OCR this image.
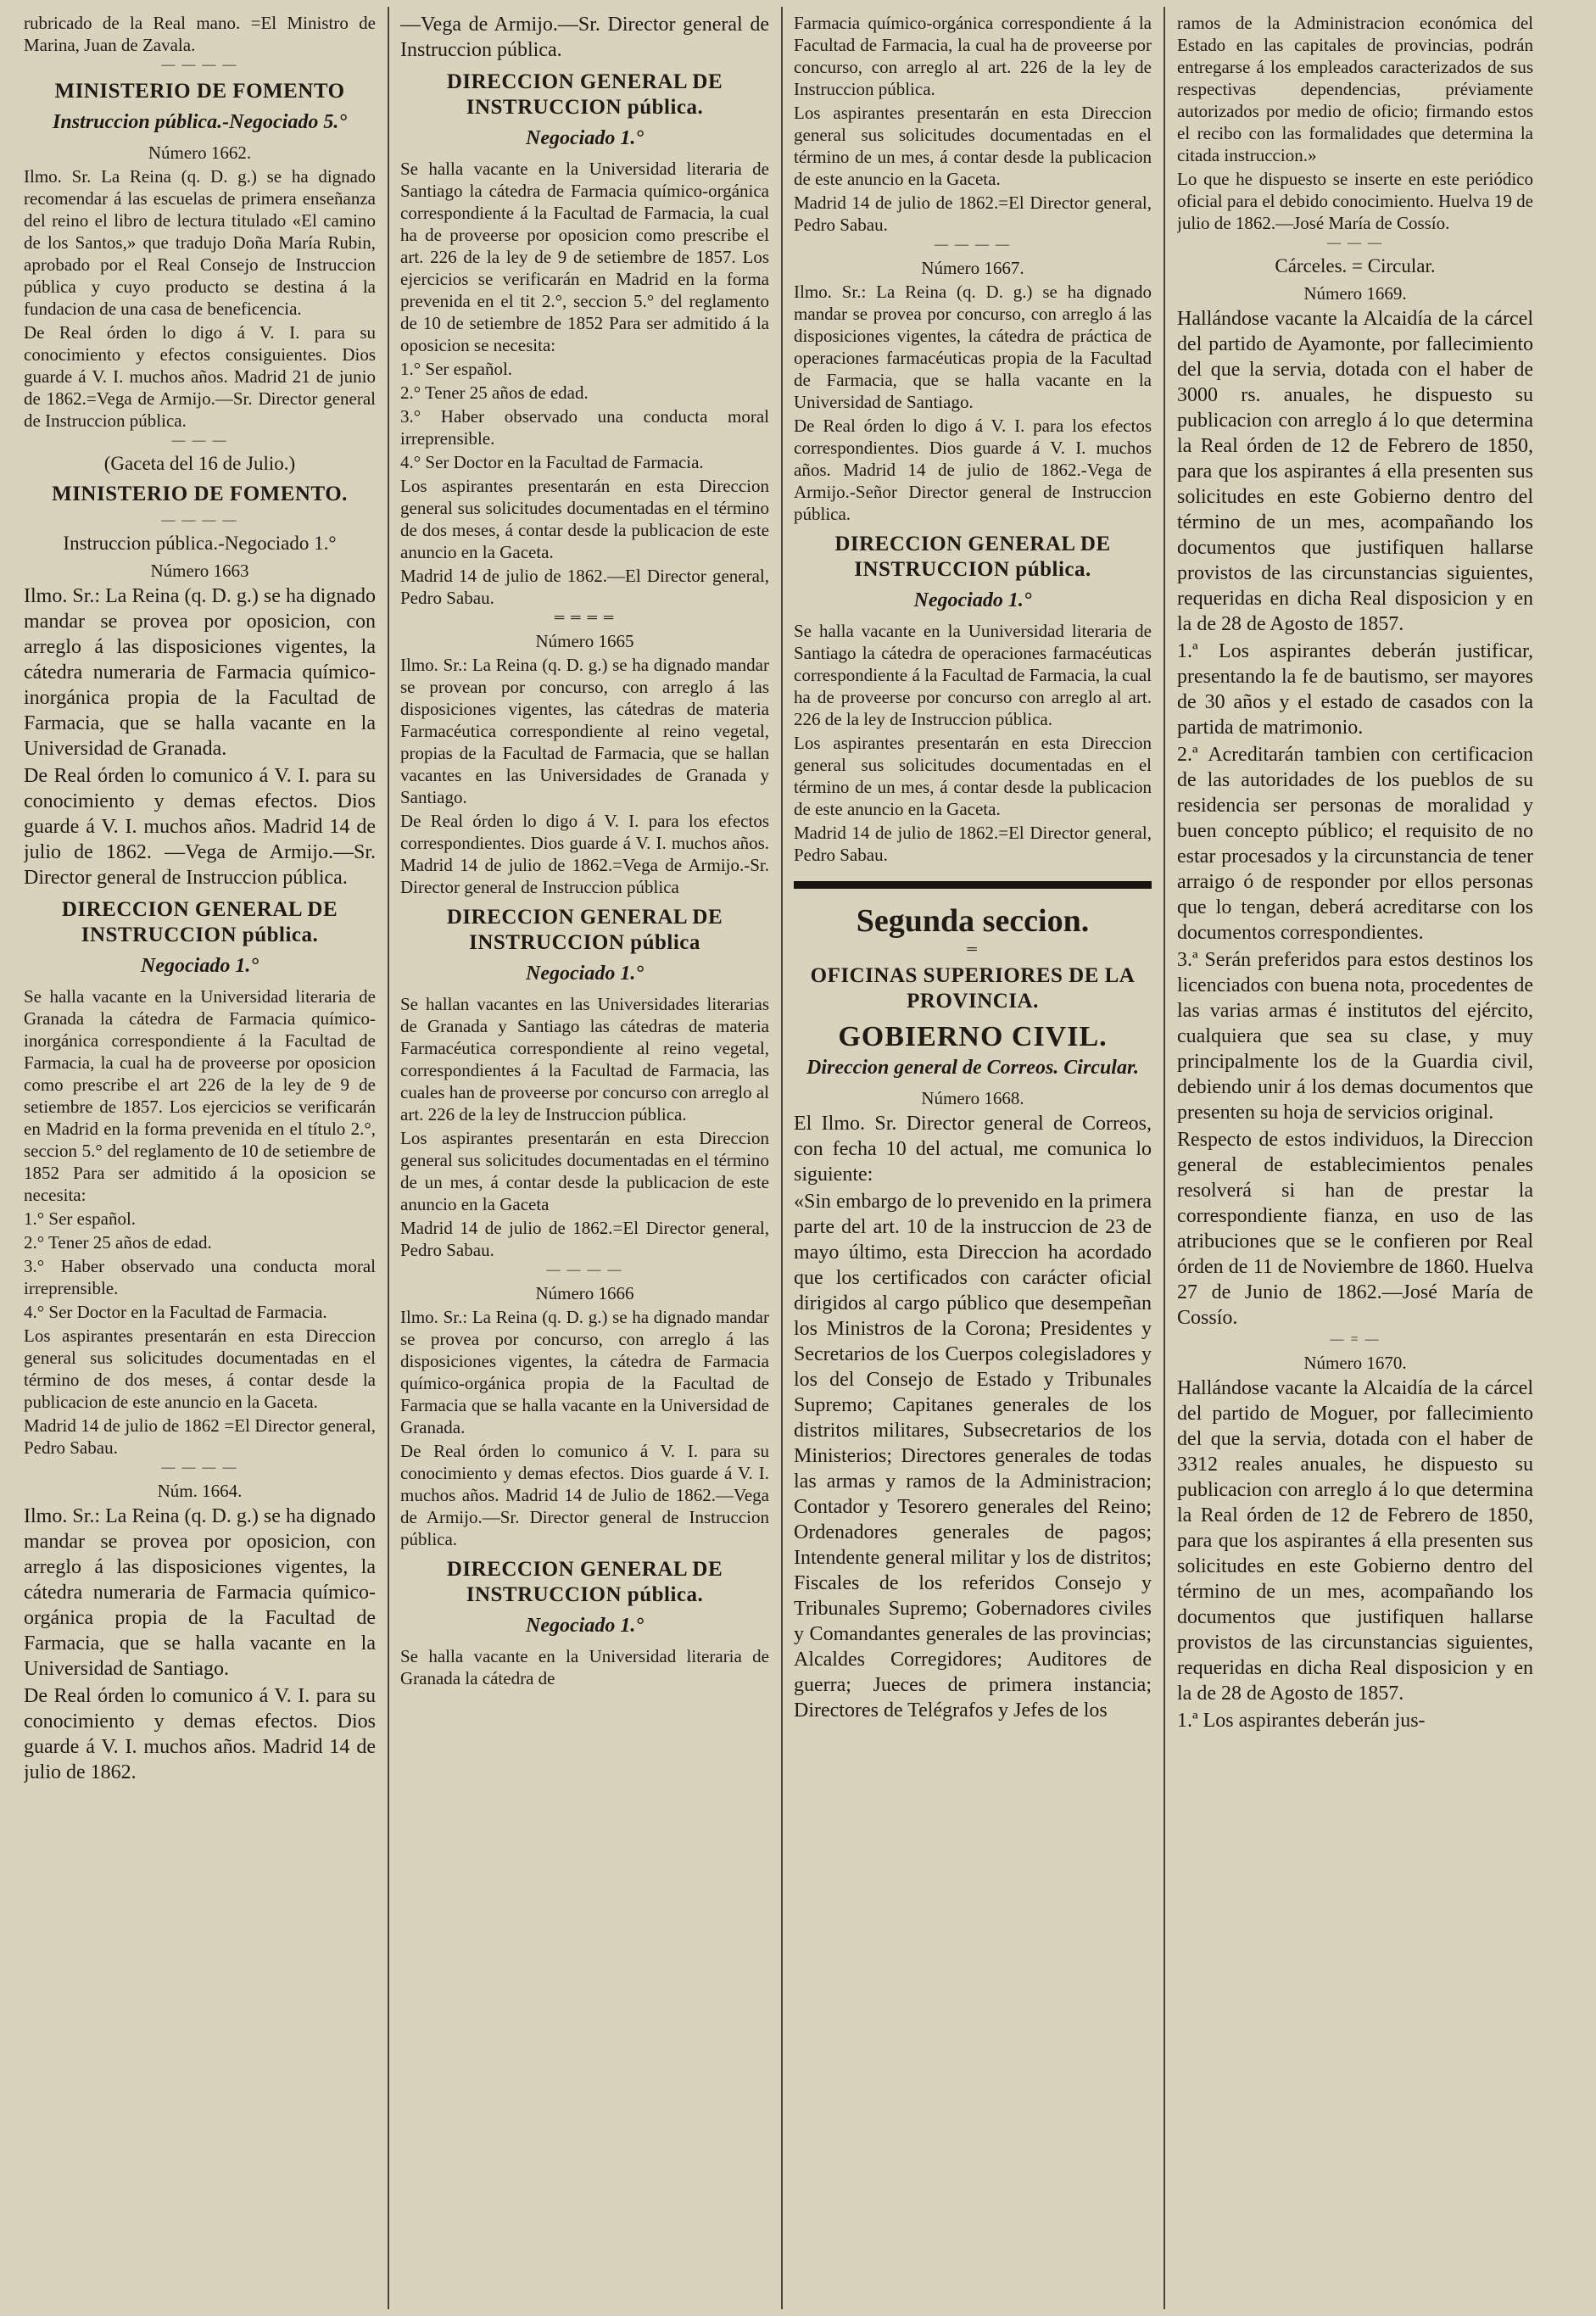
rubricado de la Real mano. =El Ministro de Marina, Juan de Zavala.

— — — —
MINISTERIO DE FOMENTO
Instruccion pública.-Negociado 5.°
Número 1662.

Ilmo. Sr. La Reina (q. D. g.) se ha dignado recomendar á las escuelas de primera enseñanza del reino el libro de lectura titulado «El camino de los Santos,» que tradujo Doña María Rubin, aprobado por el Real Consejo de Instruccion pública y cuyo producto se destina á la fundacion de una casa de beneficencia.

De Real órden lo digo á V. I. para su conocimiento y efectos consiguientes. Dios guarde á V. I. muchos años. Madrid 21 de junio de 1862.=Vega de Armijo.—Sr. Director general de Instruccion pública.

— — —
(Gaceta del 16 de Julio.)
MINISTERIO DE FOMENTO.
— — — —
Instruccion pública.-Negociado 1.°
Número 1663

Ilmo. Sr.: La Reina (q. D. g.) se ha dignado mandar se provea por oposicion, con arreglo á las disposiciones vigentes, la cátedra numeraria de Farmacia químico-inorgánica propia de la Facultad de Farmacia, que se halla vacante en la Universidad de Granada.

De Real órden lo comunico á V. I. para su conocimiento y demas efectos. Dios guarde á V. I. muchos años. Madrid 14 de julio de 1862. —Vega de Armijo.—Sr. Director general de Instruccion pública.

DIRECCION GENERAL DE INSTRUCCION pública.
Negociado 1.°

Se halla vacante en la Universidad literaria de Granada la cátedra de Farmacia químico-inorgánica correspondiente á la Facultad de Farmacia, la cual ha de proveerse por oposicion como prescribe el art 226 de la ley de 9 de setiembre de 1857. Los ejercicios se verificarán en Madrid en la forma prevenida en el título 2.°, seccion 5.° del reglamento de 10 de setiembre de 1852 Para ser admitido á la oposicion se necesita:

1.° Ser español.

2.° Tener 25 años de edad.

3.° Haber observado una conducta moral irreprensible.

4.° Ser Doctor en la Facultad de Farmacia.

Los aspirantes presentarán en esta Direccion general sus solicitudes documentadas en el término de dos meses, á contar desde la publicacion de este anuncio en la Gaceta.

Madrid 14 de julio de 1862 =El Director general, Pedro Sabau.

— — — —
Núm. 1664.

Ilmo. Sr.: La Reina (q. D. g.) se ha dignado mandar se provea por oposicion, con arreglo á las disposiciones vigentes, la cátedra numeraria de Farmacia químico-orgánica propia de la Facultad de Farmacia, que se halla vacante en la Universidad de Santiago.

De Real órden lo comunico á V. I. para su conocimiento y demas efectos. Dios guarde á V. I. muchos años. Madrid 14 de julio de 1862.

—Vega de Armijo.—Sr. Director general de Instruccion pública.

DIRECCION GENERAL DE INSTRUCCION pública.
Negociado 1.°

Se halla vacante en la Universidad literaria de Santiago la cátedra de Farmacia químico-orgánica correspondiente á la Facultad de Farmacia, la cual ha de proveerse por oposicion como prescribe el art. 226 de la ley de 9 de setiembre de 1857. Los ejercicios se verificarán en Madrid en la forma prevenida en el tit 2.°, seccion 5.° del reglamento de 10 de setiembre de 1852 Para ser admitido á la oposicion se necesita:

1.° Ser español.

2.° Tener 25 años de edad.

3.° Haber observado una conducta moral irreprensible.

4.° Ser Doctor en la Facultad de Farmacia.

Los aspirantes presentarán en esta Direccion general sus solicitudes documentadas en el término de dos meses, á contar desde la publicacion de este anuncio en la Gaceta.

Madrid 14 de julio de 1862.—El Director general, Pedro Sabau.

═ ═ ═ ═
Número 1665

Ilmo. Sr.: La Reina (q. D. g.) se ha dignado mandar se provean por concurso, con arreglo á las disposiciones vigentes, las cátedras de materia Farmacéutica correspondiente al reino vegetal, propias de la Facultad de Farmacia, que se hallan vacantes en las Universidades de Granada y Santiago.

De Real órden lo digo á V. I. para los efectos correspondientes. Dios guarde á V. I. muchos años. Madrid 14 de julio de 1862.=Vega de Armijo.-Sr. Director general de Instruccion pública

DIRECCION GENERAL DE INSTRUCCION pública
Negociado 1.°

Se hallan vacantes en las Universidades literarias de Granada y Santiago las cátedras de materia Farmacéutica correspondiente al reino vegetal, correspondientes á la Facultad de Farmacia, las cuales han de proveerse por concurso con arreglo al art. 226 de la ley de Instruccion pública.

Los aspirantes presentarán en esta Direccion general sus solicitudes documentadas en el término de un mes, á contar desde la publicacion de este anuncio en la Gaceta

Madrid 14 de julio de 1862.=El Director general, Pedro Sabau.

— — — —
Número 1666

Ilmo. Sr.: La Reina (q. D. g.) se ha dignado mandar se provea por concurso, con arreglo á las disposiciones vigentes, la cátedra de Farmacia químico-orgánica propia de la Facultad de Farmacia que se halla vacante en la Universidad de Granada.

De Real órden lo comunico á V. I. para su conocimiento y demas efectos. Dios guarde á V. I. muchos años. Madrid 14 de Julio de 1862.—Vega de Armijo.—Sr. Director general de Instruccion pública.

DIRECCION GENERAL DE INSTRUCCION pública.
Negociado 1.°

Se halla vacante en la Universidad literaria de Granada la cátedra de

Farmacia químico-orgánica correspondiente á la Facultad de Farmacia, la cual ha de proveerse por concurso, con arreglo al art. 226 de la ley de Instruccion pública.

Los aspirantes presentarán en esta Direccion general sus solicitudes documentadas en el término de un mes, á contar desde la publicacion de este anuncio en la Gaceta.

Madrid 14 de julio de 1862.=El Director general, Pedro Sabau.

— — — —
Número 1667.

Ilmo. Sr.: La Reina (q. D. g.) se ha dignado mandar se provea por concurso, con arreglo á las disposiciones vigentes, la cátedra de práctica de operaciones farmacéuticas propia de la Facultad de Farmacia, que se halla vacante en la Universidad de Santiago.

De Real órden lo digo á V. I. para los efectos correspondientes. Dios guarde á V. I. muchos años. Madrid 14 de julio de 1862.-Vega de Armijo.-Señor Director general de Instruccion pública.

DIRECCION GENERAL DE INSTRUCCION pública.
Negociado 1.°

Se halla vacante en la Uuniversidad literaria de Santiago la cátedra de operaciones farmacéuticas correspondiente á la Facultad de Farmacia, la cual ha de proveerse por concurso con arreglo al art. 226 de la ley de Instruccion pública.

Los aspirantes presentarán en esta Direccion general sus solicitudes documentadas en el término de un mes, á contar desde la publicacion de este anuncio en la Gaceta.

Madrid 14 de julio de 1862.=El Director general, Pedro Sabau.

Segunda seccion.
═
OFICINAS SUPERIORES DE LA PROVINCIA.
GOBIERNO CIVIL.
Direccion general de Correos. Circular.
Número 1668.

El Ilmo. Sr. Director general de Correos, con fecha 10 del actual, me comunica lo siguiente:

«Sin embargo de lo prevenido en la primera parte del art. 10 de la instruccion de 23 de mayo último, esta Direccion ha acordado que los certificados con carácter oficial dirigidos al cargo público que desempeñan los Ministros de la Corona; Presidentes y Secretarios de los Cuerpos colegisladores y los del Consejo de Estado y Tribunales Supremo; Capitanes generales de los distritos militares, Subsecretarios de los Ministerios; Directores generales de todas las armas y ramos de la Administracion; Contador y Tesorero generales del Reino; Ordenadores generales de pagos; Intendente general militar y los de distritos; Fiscales de los referidos Consejo y Tribunales Supremo; Gobernadores civiles y Comandantes generales de las provincias; Alcaldes Corregidores; Auditores de guerra; Jueces de primera instancia; Directores de Telégrafos y Jefes de los

ramos de la Administracion económica del Estado en las capitales de provincias, podrán entregarse á los empleados caracterizados de sus respectivas dependencias, préviamente autorizados por medio de oficio; firmando estos el recibo con las formalidades que determina la citada instruccion.»

Lo que he dispuesto se inserte en este periódico oficial para el debido conocimiento. Huelva 19 de julio de 1862.—José María de Cossío.

— — —
Cárceles. = Circular.
Número 1669.

Hallándose vacante la Alcaidía de la cárcel del partido de Ayamonte, por fallecimiento del que la servia, dotada con el haber de 3000 rs. anuales, he dispuesto su publicacion con arreglo á lo que determina la Real órden de 12 de Febrero de 1850, para que los aspirantes á ella presenten sus solicitudes en este Gobierno dentro del término de un mes, acompañando los documentos que justifiquen hallarse provistos de las circunstancias siguientes, requeridas en dicha Real disposicion y en la de 28 de Agosto de 1857.

1.ª Los aspirantes deberán justificar, presentando la fe de bautismo, ser mayores de 30 años y el estado de casados con la partida de matrimonio.

2.ª Acreditarán tambien con certificacion de las autoridades de los pueblos de su residencia ser personas de moralidad y buen concepto público; el requisito de no estar procesados y la circunstancia de tener arraigo ó de responder por ellos personas que lo tengan, deberá acreditarse con los documentos correspondientes.

3.ª Serán preferidos para estos destinos los licenciados con buena nota, procedentes de las varias armas é institutos del ejército, cualquiera que sea su clase, y muy principalmente los de la Guardia civil, debiendo unir á los demas documentos que presenten su hoja de servicios original.

Respecto de estos individuos, la Direccion general de establecimientos penales resolverá si han de prestar la correspondiente fianza, en uso de las atribuciones que se le confieren por Real órden de 11 de Noviembre de 1860. Huelva 27 de Junio de 1862.—José María de Cossío.

— = —
Número 1670.

Hallándose vacante la Alcaidía de la cárcel del partido de Moguer, por fallecimiento del que la servia, dotada con el haber de 3312 reales anuales, he dispuesto su publicacion con arreglo á lo que determina la Real órden de 12 de Febrero de 1850, para que los aspirantes á ella presenten sus solicitudes en este Gobierno dentro del término de un mes, acompañando los documentos que justifiquen hallarse provistos de las circunstancias siguientes, requeridas en dicha Real disposicion y en la de 28 de Agosto de 1857.

1.ª Los aspirantes deberán jus-
